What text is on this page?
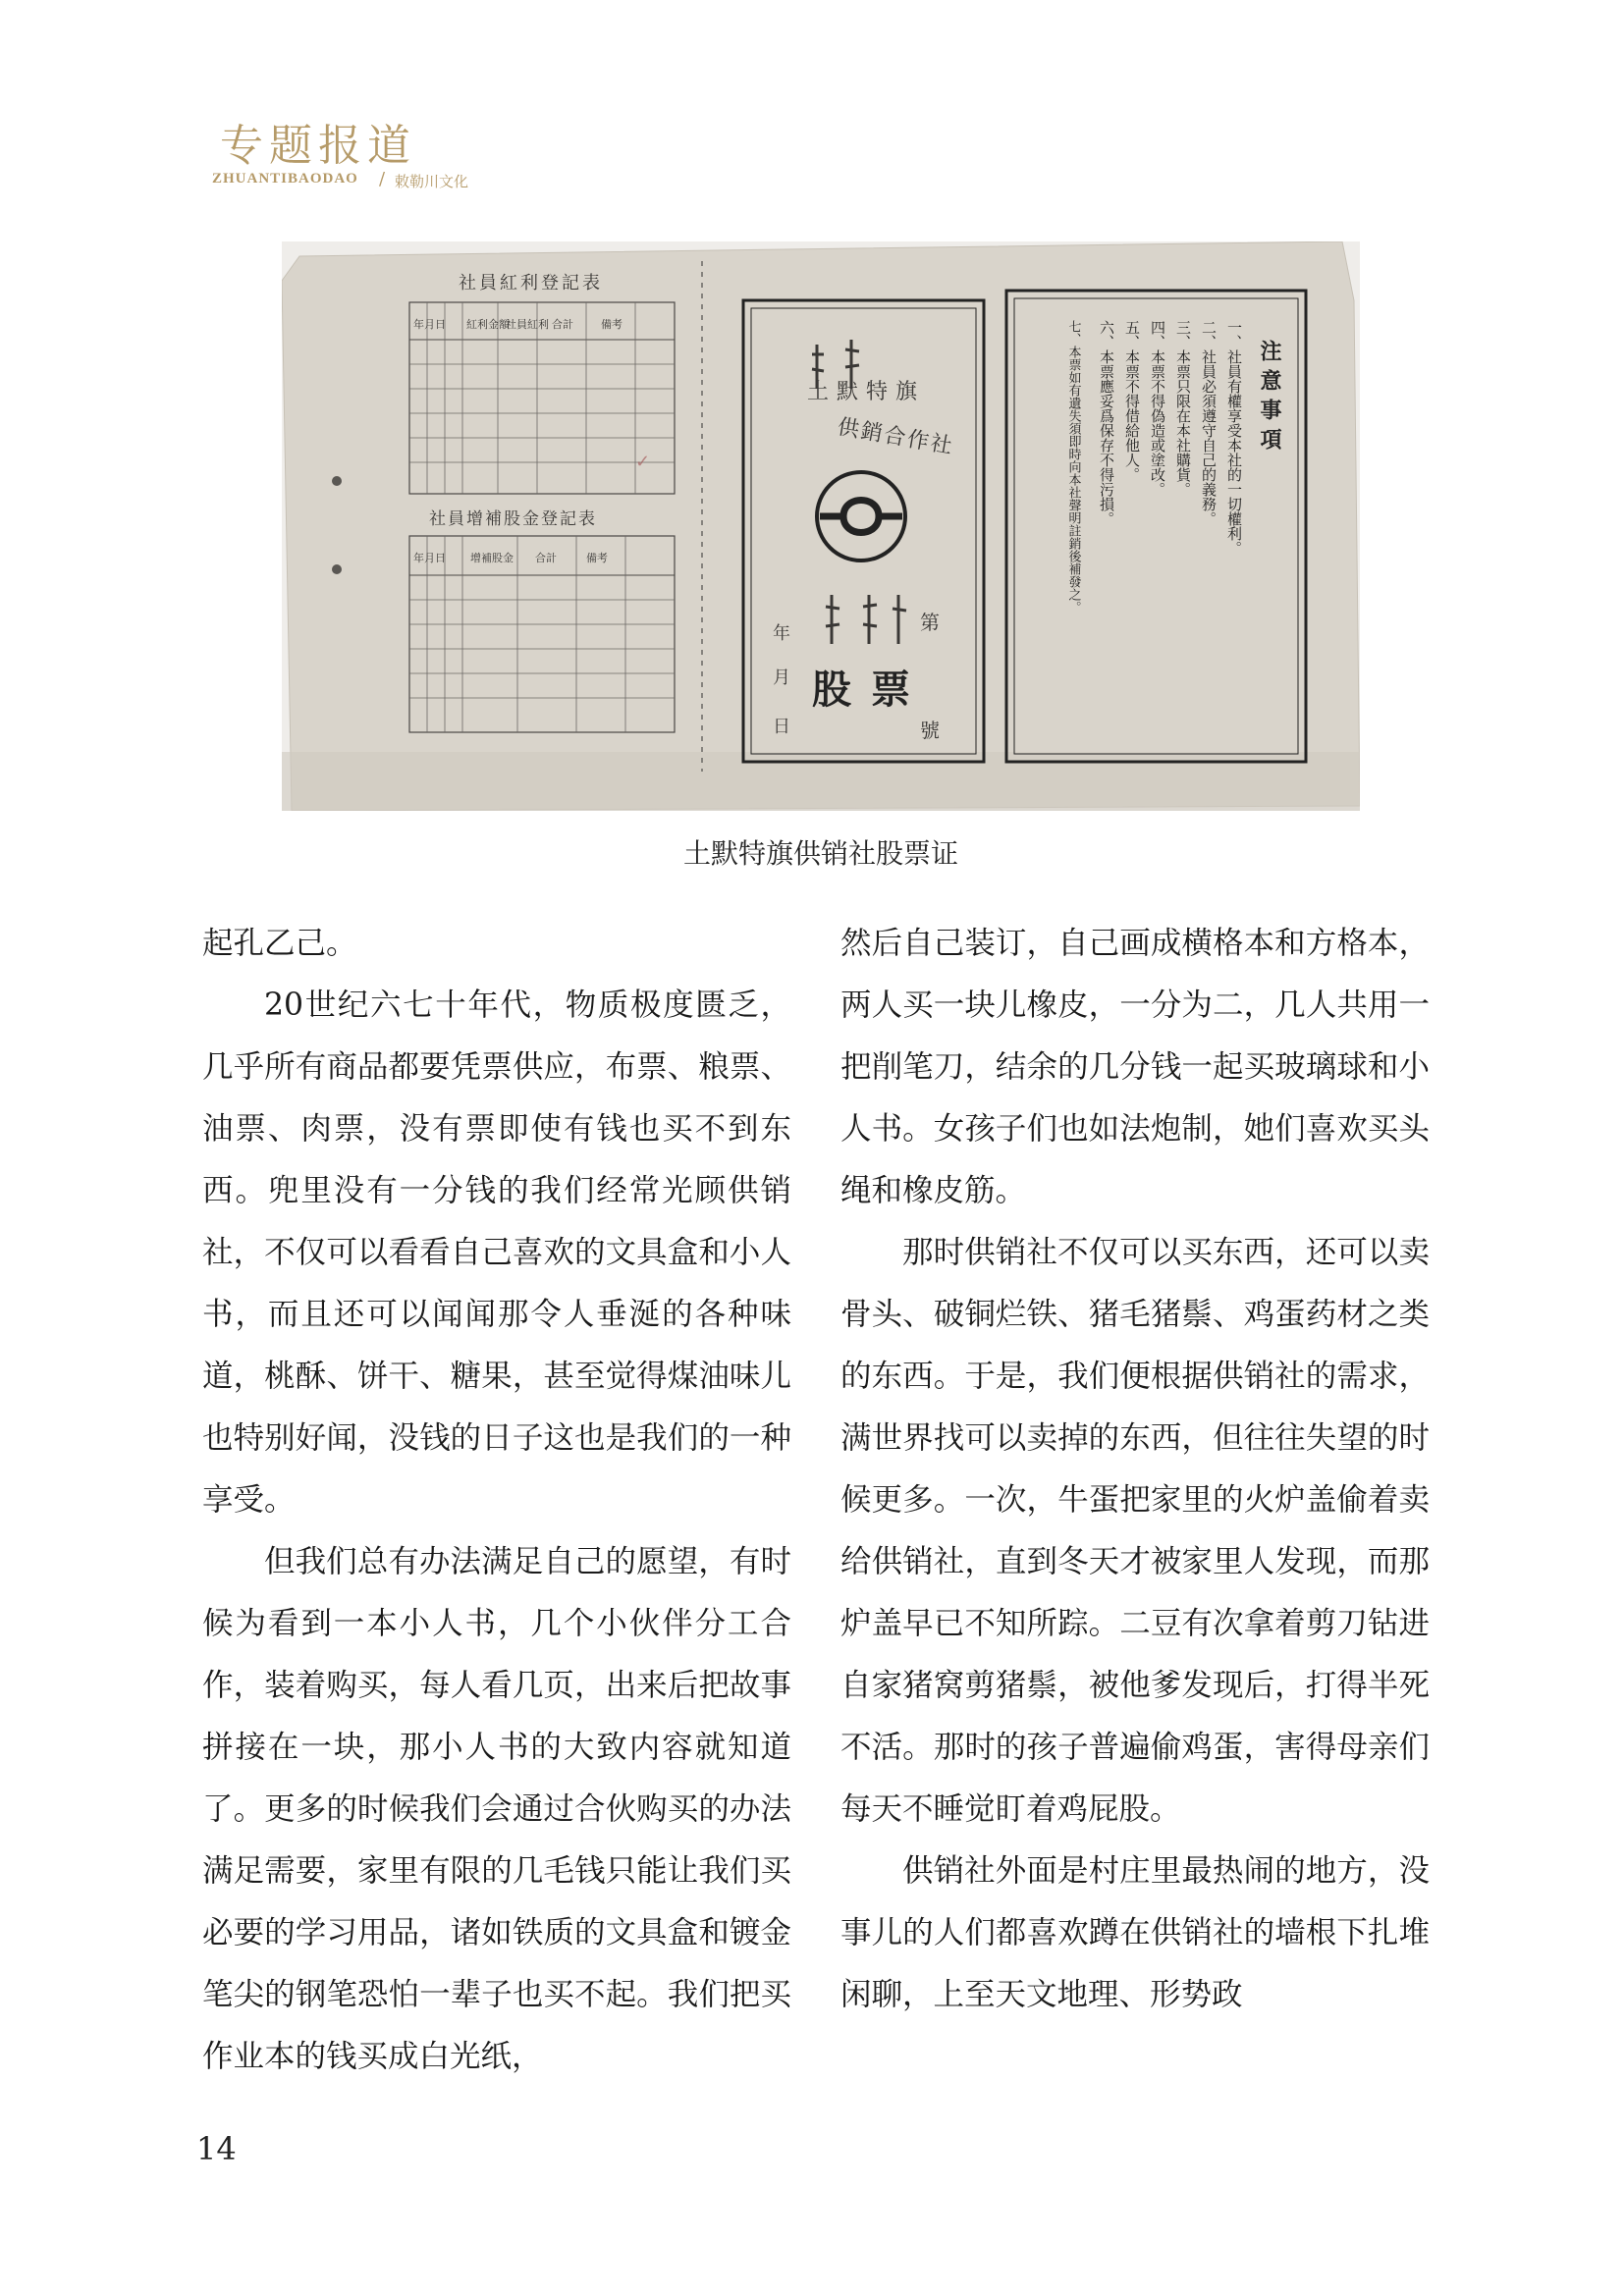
专题报道
ZHUANTIBAODAO / 敕勒川文化
社員紅利登記表
年月日 紅利金額
社員紅利 合計	備考
✓
社員增補股金登記表
年月日 增補股金 合計	備考
土默特旗
供銷合作社
第
號
年
月
日
股票
注意事項
一、社員有權享受本社的一切權利。
二、社員必須遵守自己的義務。
三、本票只限在本社購貨。
四、本票不得偽造或塗改。
五、本票不得借給他人。
六、本票應妥爲保存不得污損。
七、本票如有遺失須即時向本社聲明註銷後補發之。
土默特旗供销社股票证

起孔乙己。

20世纪六七十年代，物质极度匮乏，几乎所有商品都要凭票供应，布票、粮票、油票、肉票，没有票即使有钱也买不到东西。兜里没有一分钱的我们经常光顾供销社，不仅可以看看自己喜欢的文具盒和小人书，而且还可以闻闻那令人垂涎的各种味道，桃酥、饼干、糖果，甚至觉得煤油味儿也特别好闻，没钱的日子这也是我们的一种享受。

但我们总有办法满足自己的愿望，有时候为看到一本小人书，几个小伙伴分工合作，装着购买，每人看几页，出来后把故事拼接在一块，那小人书的大致内容就知道了。更多的时候我们会通过合伙购买的办法满足需要，家里有限的几毛钱只能让我们买必要的学习用品，诸如铁质的文具盒和镀金笔尖的钢笔恐怕一辈子也买不起。我们把买作业本的钱买成白光纸，

然后自己装订，自己画成横格本和方格本，两人买一块儿橡皮，一分为二，几人共用一把削笔刀，结余的几分钱一起买玻璃球和小人书。女孩子们也如法炮制，她们喜欢买头绳和橡皮筋。

那时供销社不仅可以买东西，还可以卖骨头、破铜烂铁、猪毛猪鬃、鸡蛋药材之类的东西。于是，我们便根据供销社的需求，满世界找可以卖掉的东西，但往往失望的时候更多。一次，牛蛋把家里的火炉盖偷着卖给供销社，直到冬天才被家里人发现，而那炉盖早已不知所踪。二豆有次拿着剪刀钻进自家猪窝剪猪鬃，被他爹发现后，打得半死不活。那时的孩子普遍偷鸡蛋，害得母亲们每天不睡觉盯着鸡屁股。

供销社外面是村庄里最热闹的地方，没事儿的人们都喜欢蹲在供销社的墙根下扎堆闲聊，上至天文地理、形势政

14
